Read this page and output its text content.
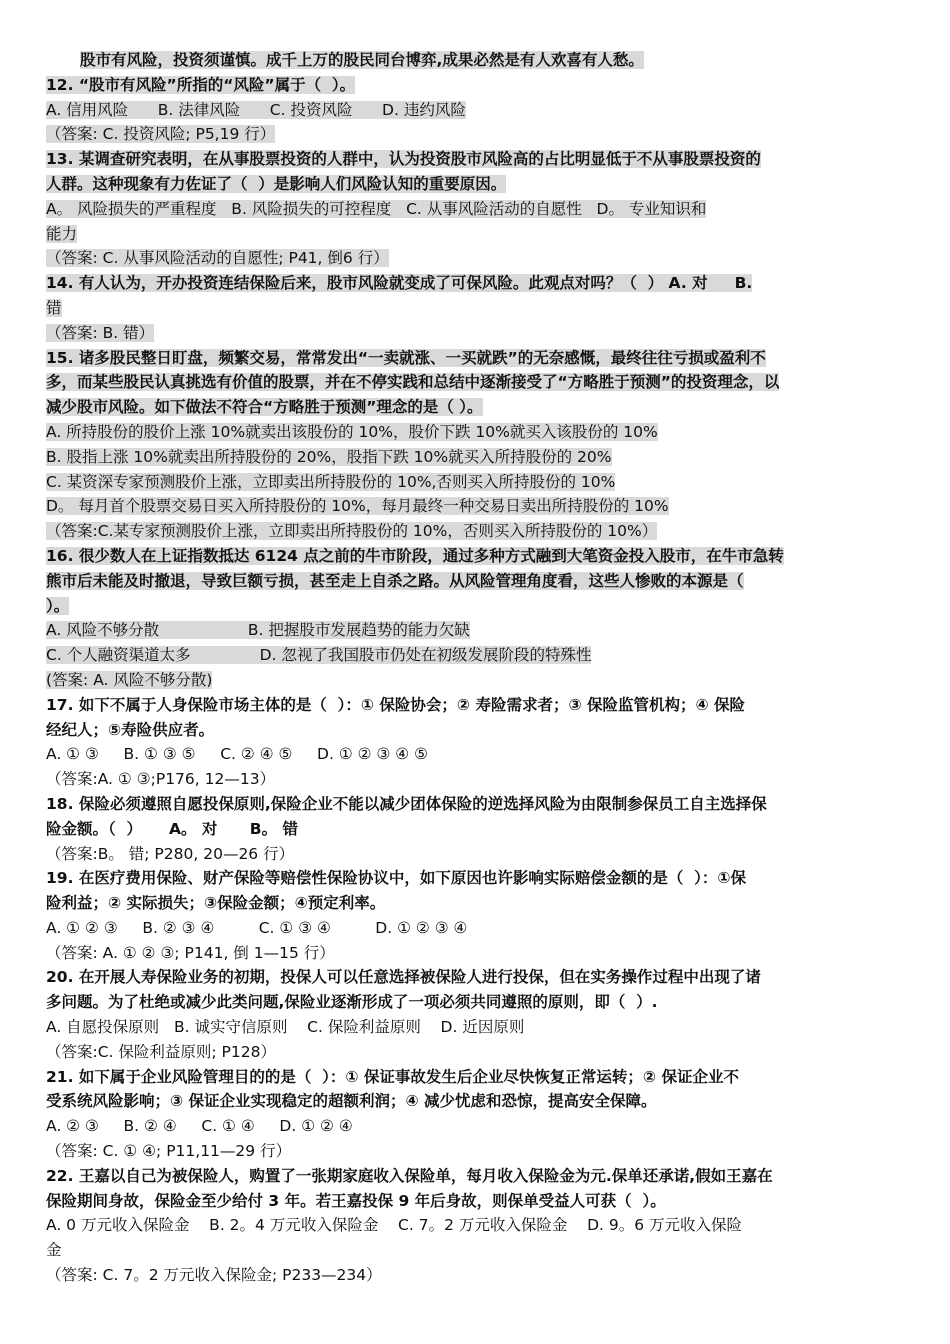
股市有风险，投资须谨慎。成千上万的股民同台博弈,成果必然是有人欢喜有人愁。
12. “股市有风险”所指的“风险”属于（  ）。
A. 信用风险      B. 法律风险      C. 投资风险      D. 违约风险
（答案: C. 投资风险; P5,19 行）
13. 某调查研究表明，在从事股票投资的人群中，认为投资股市风险高的占比明显低于不从事股票投资的
人群。这种现象有力佐证了（  ）是影响人们风险认知的重要原因。
A。 风险损失的严重程度   B. 风险损失的可控程度   C. 从事风险活动的自愿性   D。 专业知识和
能力
（答案: C. 从事风险活动的自愿性; P41, 倒6 行）
14. 有人认为，开办投资连结保险后来，股市风险就变成了可保风险。此观点对吗？（  ） A. 对     B.
错
（答案: B. 错）
15. 诸多股民整日盯盘，频繁交易，常常发出“一卖就涨、一买就跌”的无奈感慨，最终往往亏损或盈利不
多，而某些股民认真挑选有价值的股票，并在不停实践和总结中逐渐接受了“方略胜于预测”的投资理念，以
减少股市风险。如下做法不符合“方略胜于预测”理念的是（ ）。
A. 所持股份的股价上涨 10%就卖出该股份的 10%，股价下跌 10%就买入该股份的 10%
B. 股指上涨 10%就卖出所持股份的 20%，股指下跌 10%就买入所持股份的 20%
C. 某资深专家预测股价上涨，立即卖出所持股份的 10%,否则买入所持股份的 10%
D。 每月首个股票交易日买入所持股份的 10%，每月最终一种交易日卖出所持股份的 10%
（答案:C.某专家预测股价上涨，立即卖出所持股份的 10%，否则买入所持股份的 10%）
16. 很少数人在上证指数抵达 6124 点之前的牛市阶段，通过多种方式融到大笔资金投入股市，在牛市急转
熊市后未能及时撤退，导致巨额亏损，甚至走上自杀之路。从风险管理角度看，这些人惨败的本源是（
）。
A. 风险不够分散                  B. 把握股市发展趋势的能力欠缺
C. 个人融资渠道太多              D. 忽视了我国股市仍处在初级发展阶段的特殊性
(答案: A. 风险不够分散)
17. 如下不属于人身保险市场主体的是（  ）：① 保险协会；② 寿险需求者；③ 保险监管机构；④ 保险
经纪人；⑤寿险供应者。
A. ① ③     B. ① ③ ⑤     C. ② ④ ⑤     D. ① ② ③ ④ ⑤
（答案:A. ① ③;P176, 12—13）
18. 保险必须遵照自愿投保原则,保险企业不能以减少团体保险的逆选择风险为由限制参保员工自主选择保
险金额。（  ）     A。 对      B。 错
（答案:B。 错; P280, 20—26 行）
19. 在医疗费用保险、财产保险等赔偿性保险协议中，如下原因也许影响实际赔偿金额的是（  ）：①保
险利益；② 实际损失；③保险金额；④预定利率。
A. ① ② ③     B. ② ③ ④         C. ① ③ ④         D. ① ② ③ ④
（答案: A. ① ② ③; P141, 倒 1—15 行）
20. 在开展人寿保险业务的初期，投保人可以任意选择被保险人进行投保，但在实务操作过程中出现了诸
多问题。为了杜绝或减少此类问题,保险业逐渐形成了一项必须共同遵照的原则，即（  ）.
A. 自愿投保原则   B. 诚实守信原则    C. 保险利益原则    D. 近因原则
（答案:C. 保险利益原则; P128）
21. 如下属于企业风险管理目的的是（  ）：① 保证事故发生后企业尽快恢复正常运转；② 保证企业不
受系统风险影响；③ 保证企业实现稳定的超额利润；④ 减少忧虑和恐惊，提高安全保障。
A. ② ③     B. ② ④     C. ① ④     D. ① ② ④
（答案: C. ① ④; P11,11—29 行）
22. 王嘉以自己为被保险人，购置了一张期家庭收入保险单，每月收入保险金为元.保单还承诺,假如王嘉在
保险期间身故，保险金至少给付 3 年。若王嘉投保 9 年后身故，则保单受益人可获（  ）。
A. 0 万元收入保险金    B. 2。4 万元收入保险金    C. 7。2 万元收入保险金    D. 9。6 万元收入保险
金
（答案: C. 7。2 万元收入保险金; P233—234）
